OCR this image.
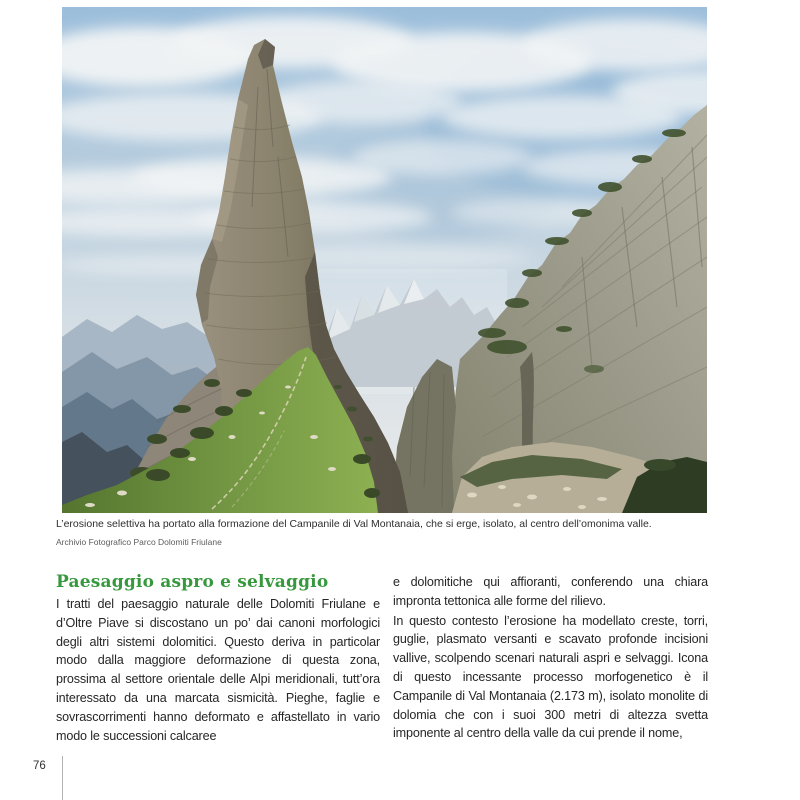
L’erosione selettiva ha portato alla formazione del Campanile di Val Montanaia, che si erge, isolato, al centro dell’omonima valle.
Archivio Fotografico Parco Dolomiti Friulane
Paesaggio aspro e selvaggio

I tratti del paesaggio naturale delle Dolomiti Friulane e d’Oltre Piave si discostano un po’ dai canoni morfologici degli altri sistemi dolomitici. Questo deriva in particolar modo dalla maggiore deformazione di questa zona, prossima al settore orientale delle Alpi meridionali, tutt’ora interessato da una marcata sismicità. Pieghe, faglie e sovrascorrimenti hanno deformato e affastellato in vario modo le successioni calcaree

e dolomitiche qui affioranti, conferendo una chiara impronta tettonica alle forme del rilievo.

In questo contesto l’erosione ha modellato creste, torri, guglie, plasmato versanti e scavato profonde incisioni vallive, scolpendo scenari naturali aspri e selvaggi. Icona di questo incessante processo morfogenetico è il Campanile di Val Montanaia (2.173 m), isolato monolite di dolomia che con i suoi 300 metri di altezza svetta imponente al centro della valle da cui prende il nome,

76
